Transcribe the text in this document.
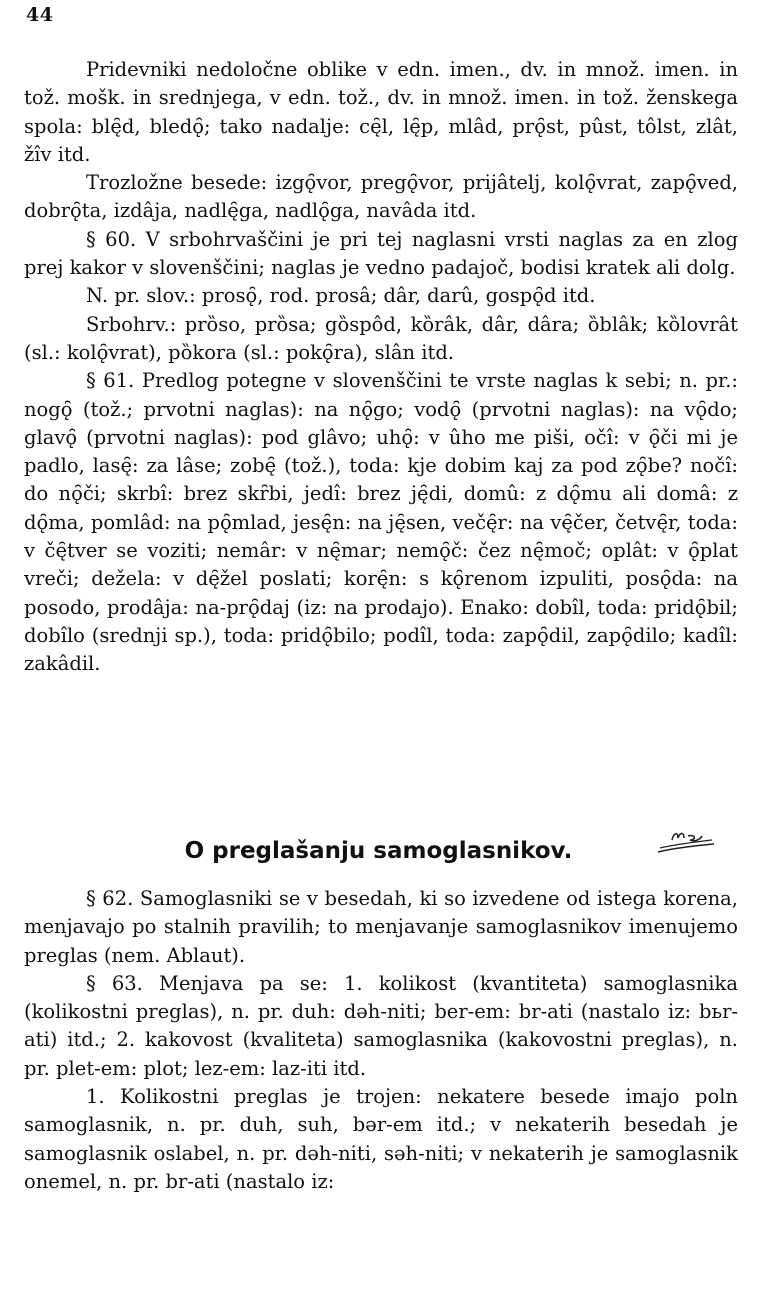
44

Pridevniki nedoločne oblike v edn. imen., dv. in množ. imen. in tož. mošk. in srednjega, v edn. tož., dv. in množ. imen. in tož. ženskega spola: blę̑d, bledǫ̑; tako nadalje: cę̑l, lę̑p, mlâd, prǫ̑st, pûst, tôlst, zlât, žîv itd.

Trozložne besede: izgǫ̑vor, pregǫ̑vor, prijâtelj, kolǫ̑vrat, zapǫ̑ved, dobrǫ̑ta, izdâja, nadlę̑ga, nadlǫ̑ga, navâda itd.

§ 60. V srbohrvaščini je pri tej naglasni vrsti naglas za en zlog prej kakor v slovenščini; naglas je vedno padajoč, bodisi kratek ali dolg.

N. pr. slov.: prosǫ̑, rod. prosâ; dâr, darû, gospǫ̑d itd.

Srbohrv.: prȍso, prȍsa; gȍspôd, kȍrâk, dâr, dâra; ȍblâk; kȍlovrât (sl.: kolǫ̑vrat), pȍkora (sl.: pokǫ̑ra), slân itd.

§ 61. Predlog potegne v slovenščini te vrste naglas k sebi; n. pr.: nogǫ̑ (tož.; prvotni naglas): na nǫ̑go; vodǫ̑ (prvotni naglas): na vǫ̑do; glavǫ̑ (prvotni naglas): pod glâvo; uhǫ̑: v ûho me piši, očî: v ǫ̑či mi je padlo, lasę̑: za lâse; zobę̑ (tož.), toda: kje dobim kaj za pod zǫ̑be? nočî: do nǫ̑či; skrbî: brez skȓbi, jedî: brez ję̑di, domû: z dǫ̑mu ali domâ: z dǫ̑ma, pomlâd: na pǫ̑mlad, jesę̑n: na ję̑sen, večę̑r: na vę̑čer, četvę̑r, toda: v čę̑tver se voziti; nemâr: v nę̑mar; nemǫ̑č: čez nę̑moč; oplât: v ǫ̑plat vreči; dežela: v dę̑žel poslati; korę̑n: s kǫ̑renom izpuliti, posǫ̑da: na posodo, prodâja: na-prǫ̑daj (iz: na prodajo). Enako: dobîl, toda: pridǫ̑bil; dobîlo (srednji sp.), toda: pridǫ̑bilo; podîl, toda: zapǫ̑dil, zapǫ̑dilo; kadîl: zakâdil.

O preglašanju samoglasnikov.

§ 62. Samoglasniki se v besedah, ki so izvedene od istega korena, menjavajo po stalnih pravilih; to menjavanje samoglasnikov imenujemo preglas (nem. Ablaut).

§ 63. Menjava pa se: 1. kolikost (kvantiteta) samoglasnika (kolikostni preglas), n. pr. duh: dəh-niti; ber-em: br-ati (nastalo iz: bьr-ati) itd.; 2. kakovost (kvaliteta) samoglasnika (kakovostni preglas), n. pr. plet-em: plot; lez-em: laz-iti itd.

1. Kolikostni preglas je trojen: nekatere besede imajo poln samoglasnik, n. pr. duh, suh, bər-em itd.; v nekaterih besedah je samoglasnik oslabel, n. pr. dəh-niti, səh-niti; v nekaterih je samoglasnik onemel, n. pr. br-ati (nastalo iz:
